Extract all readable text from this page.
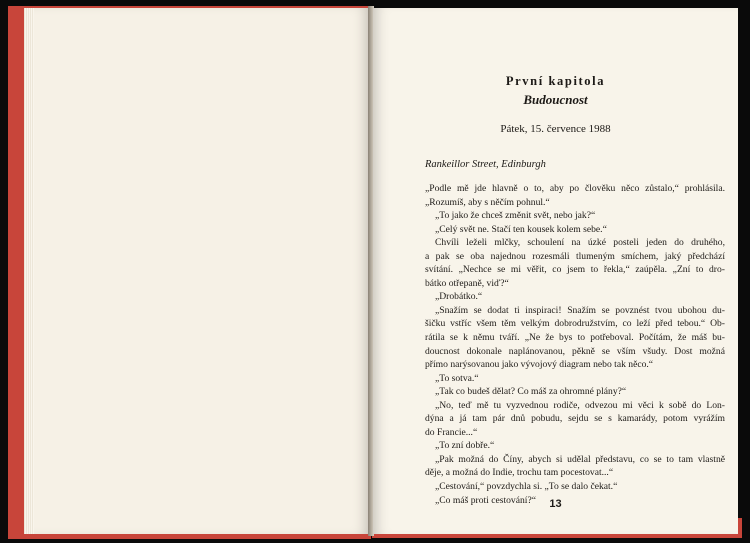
První kapitola
Budoucnost
Pátek, 15. července 1988
Rankeillor Street, Edinburgh
„Podle mě jde hlavně o to, aby po člověku něco zůstalo,“ prohlásila.
„Rozumíš, aby s něčím pohnul.“
„To jako že chceš změnit svět, nebo jak?“
„Celý svět ne. Stačí ten kousek kolem sebe.“
Chvíli leželi mlčky, schoulení na úzké posteli jeden do druhého,
a pak se oba najednou rozesmáli tlumeným smíchem, jaký předchází
svítání. „Nechce se mi věřit, co jsem to řekla,“ zaúpěla. „Zní to dro-
bátko otřepaně, viď?“
„Drobátko.“
„Snažím se dodat ti inspiraci! Snažím se povznést tvou ubohou du-
šičku vstříc všem těm velkým dobrodružstvím, co leží před tebou.“ Ob-
rátila se k němu tváří. „Ne že bys to potřeboval. Počítám, že máš bu-
doucnost dokonale naplánovanou, pěkně se vším všudy. Dost možná
přímo narýsovanou jako vývojový diagram nebo tak něco.“
„To sotva.“
„Tak co budeš dělat? Co máš za ohromné plány?“
„No, teď mě tu vyzvednou rodiče, odvezou mi věci k sobě do Lon-
dýna a já tam pár dnů pobudu, sejdu se s kamarády, potom vyrážím
do Francie...“
„To zní dobře.“
„Pak možná do Číny, abych si udělal představu, co se to tam vlastně
děje, a možná do Indie, trochu tam pocestovat...“
„Cestování,“ povzdychla si. „To se dalo čekat.“
„Co máš proti cestování?“	13
